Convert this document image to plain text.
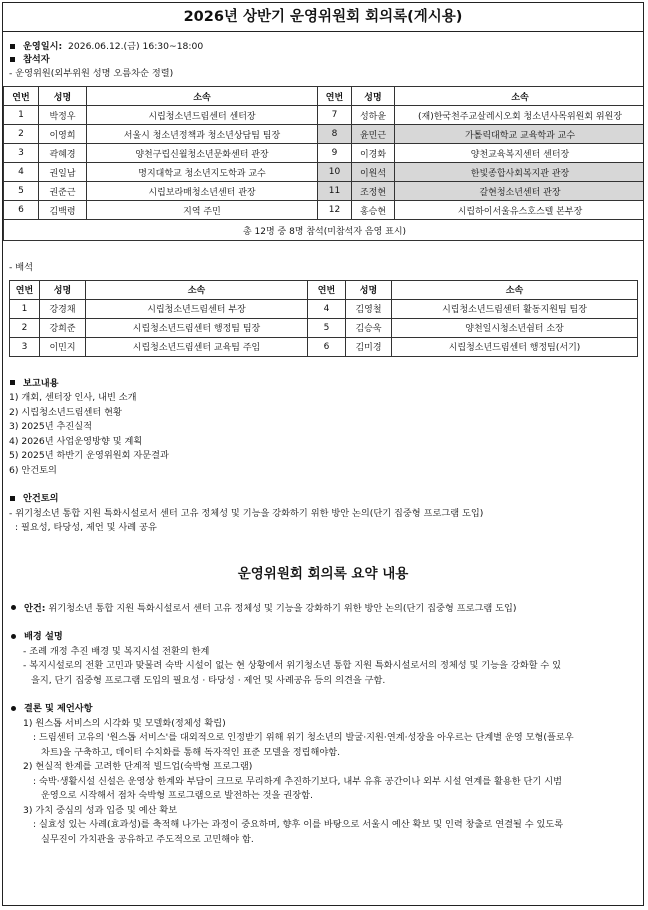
2026년 상반기 운영위원회 회의록(게시용)
운영일시: 2026.06.12.(금) 16:30~18:00
참석자
- 운영위원(외부위원 성명 오름차순 정렬)
연번	성명	소속	연번	성명	소속
1	박정우	시립청소년드림센터 센터장	7	성하윤	(재)한국천주교살레시오회 청소년사목위원회 위원장
2	이영희	서울시 청소년정책과 청소년상담팀 팀장	8	윤민근	가톨릭대학교 교육학과 교수
3	곽혜경	양천구립신월청소년문화센터 관장	9	이경화	양천교육복지센터 센터장
4	권일남	명지대학교 청소년지도학과 교수	10	이원석	한빛종합사회복지관 관장
5	권준근	시립보라매청소년센터 관장	11	조정현	갈현청소년센터 관장
6	김백령	지역 주민	12	홍승현	시립하이서울유스호스텔 본부장
총 12명 중 8명 참석(미참석자 음영 표시)					
- 배석
연번	성명	소속	연번	성명	소속
1	강경채	시립청소년드림센터 부장	4	김영철	시립청소년드림센터 활동지원팀 팀장
2	강희준	시립청소년드림센터 행정팀 팀장	5	김승욱	양천일시청소년쉼터 소장
3	이민지	시립청소년드림센터 교육팀 주임	6	김미경	시립청소년드림센터 행정팀(서기)
보고내용
1) 개회, 센터장 인사, 내빈 소개
2) 시립청소년드림센터 현황
3) 2025년 추진실적
4) 2026년 사업운영방향 및 계획
5) 2025년 하반기 운영위원회 자문결과
6) 안건토의
안건토의
- 위기청소년 통합 지원 특화시설로서 센터 고유 정체성 및 기능을 강화하기 위한 방안 논의(단기 집중형 프로그램 도입)
: 필요성, 타당성, 제언 및 사례 공유
운영위원회 회의록 요약 내용
안건: 위기청소년 통합 지원 특화시설로서 센터 고유 정체성 및 기능을 강화하기 위한 방안 논의(단기 집중형 프로그램 도입)
배경 설명
- 조례 개정 추진 배경 및 복지시설 전환의 한계
- 복지시설로의 전환 고민과 맞물려 숙박 시설이 없는 현 상황에서 위기청소년 통합 지원 특화시설로서의 정체성 및 기능을 강화할 수 있
을지, 단기 집중형 프로그램 도입의 필요성 · 타당성 · 제언 및 사례공유 등의 의견을 구함.
결론 및 제언사항
1) 원스톱 서비스의 시각화 및 모델화(정체성 확립)
: 드림센터 고유의 '원스톱 서비스'를 대외적으로 인정받기 위해 위기 청소년의 발굴·지원·연계·성장을 아우르는 단계별 운영 모형(플로우
차트)을 구축하고, 데이터 수치화를 통해 독자적인 표준 모델을 정립해야함.
2) 현실적 한계를 고려한 단계적 빌드업(숙박형 프로그램)
: 숙박·생활시설 신설은 운영상 한계와 부담이 크므로 무리하게 추진하기보다, 내부 유휴 공간이나 외부 시설 연계를 활용한 단기 시범
운영으로 시작해서 점차 숙박형 프로그램으로 발전하는 것을 권장함.
3) 가치 중심의 성과 입증 및 예산 확보
: 실효성 있는 사례(효과성)를 축적해 나가는 과정이 중요하며, 향후 이를 바탕으로 서울시 예산 확보 및 인력 창출로 연결될 수 있도록
실무진이 가치관을 공유하고 주도적으로 고민해야 함.
